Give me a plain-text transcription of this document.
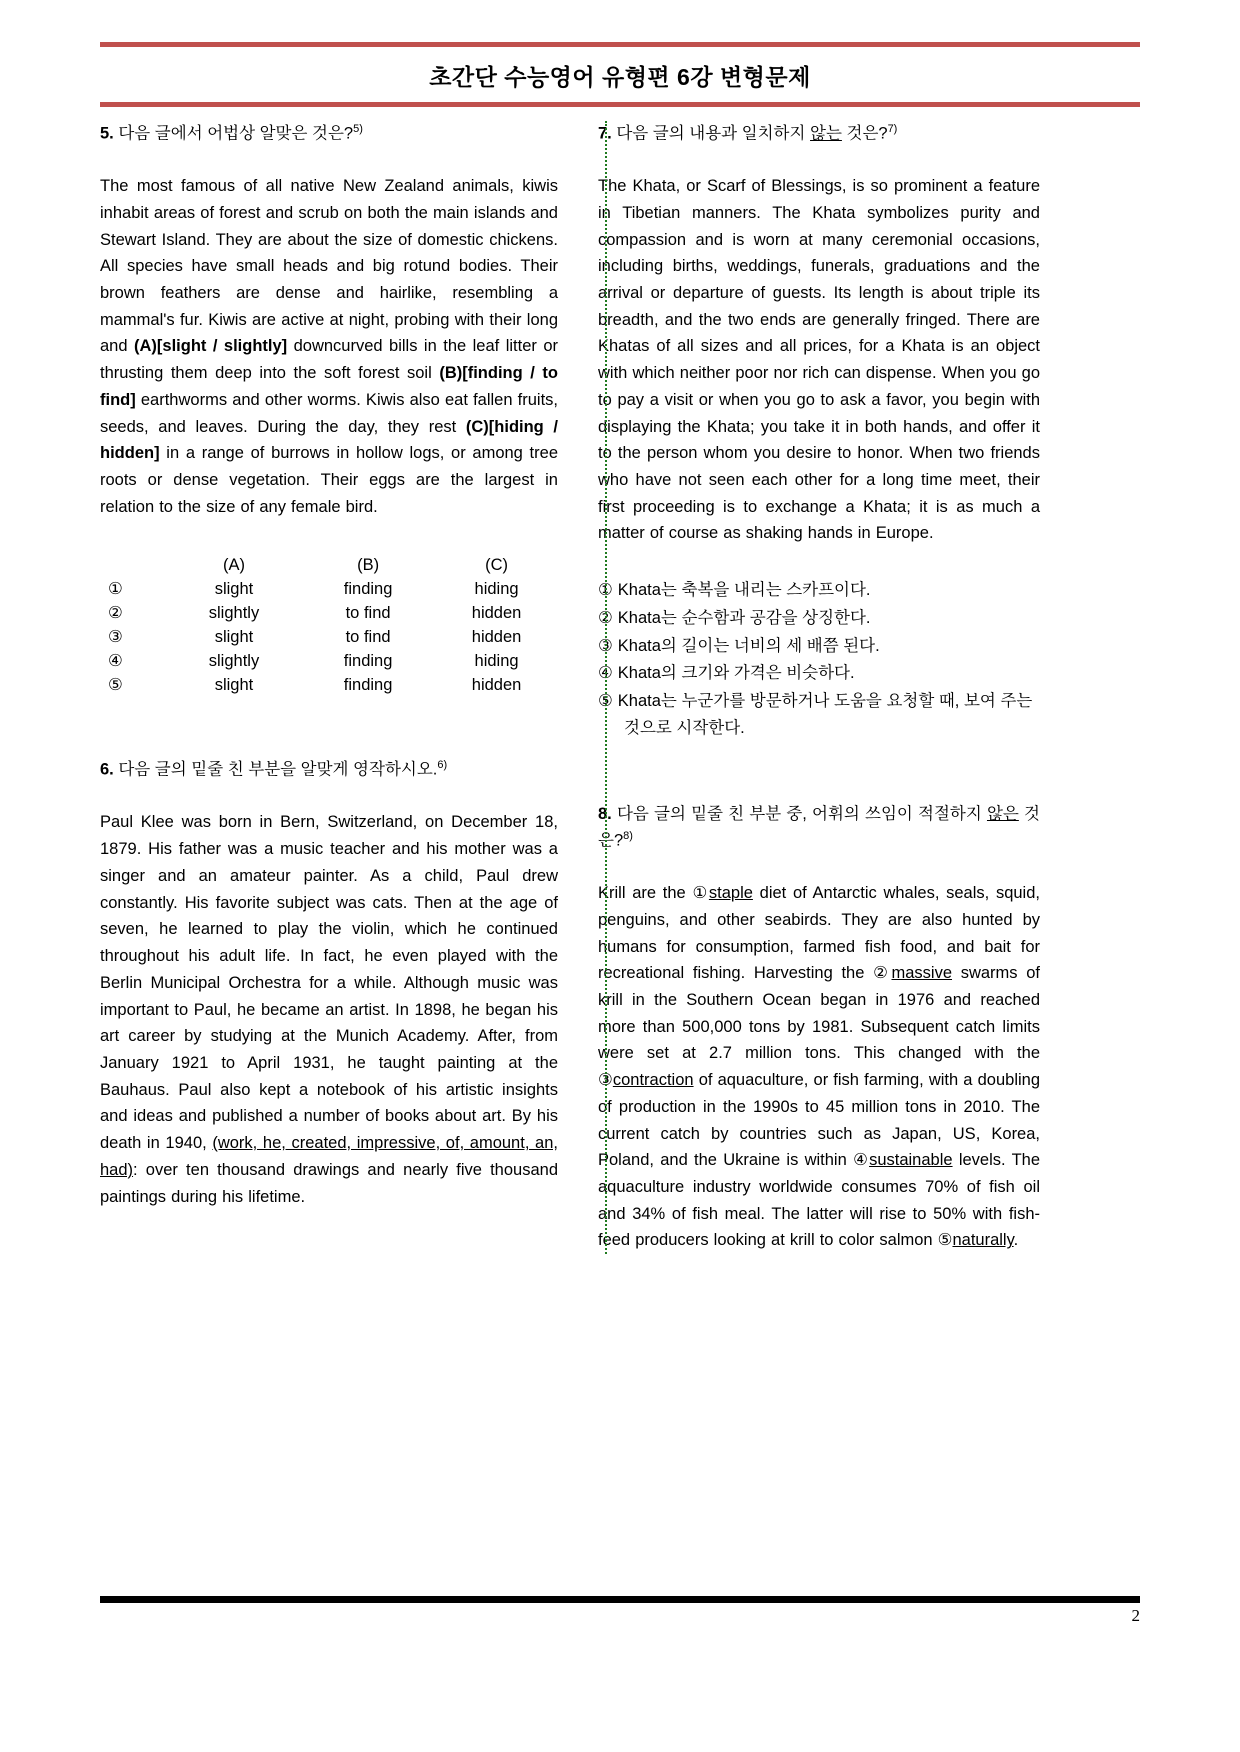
초간단 수능영어 유형편 6강 변형문제

5. 다음 글에서 어법상 알맞은 것은?$^{5)}$

The most famous of all native New Zealand animals, kiwis inhabit areas of forest and scrub on both the main islands and Stewart Island. They are about the size of domestic chickens. All species have small heads and big rotund bodies. Their brown feathers are dense and hairlike, resembling a mammal's fur. Kiwis are active at night, probing with their long and (A)[slight / slightly] downcurved bills in the leaf litter or thrusting them deep into the soft forest soil (B)[finding / to find] earthworms and other worms. Kiwis also eat fallen fruits, seeds, and leaves. During the day, they rest (C)[hiding / hidden] in a range of burrows in hollow logs, or among tree roots or dense vegetation. Their eggs are the largest in relation to the size of any female bird.

	(A)	(B)	(C)
①	slight	finding	hiding
②	slightly	to find	hidden
③	slight	to find	hidden
④	slightly	finding	hiding
⑤	slight	finding	hidden

6. 다음 글의 밑줄 친 부분을 알맞게 영작하시오.$^{6)}$

Paul Klee was born in Bern, Switzerland, on December 18, 1879. His father was a music teacher and his mother was a singer and an amateur painter. As a child, Paul drew constantly. His favorite subject was cats. Then at the age of seven, he learned to play the violin, which he continued throughout his adult life. In fact, he even played with the Berlin Municipal Orchestra for a while. Although music was important to Paul, he became an artist. In 1898, he began his art career by studying at the Munich Academy. After, from January 1921 to April 1931, he taught painting at the Bauhaus. Paul also kept a notebook of his artistic insights and ideas and published a number of books about art. By his death in 1940, (work, he, created, impressive, of, amount, an, had): over ten thousand drawings and nearly five thousand paintings during his lifetime.

7. 다음 글의 내용과 일치하지 않는 것은?$^{7)}$

The Khata, or Scarf of Blessings, is so prominent a feature in Tibetian manners. The Khata symbolizes purity and compassion and is worn at many ceremonial occasions, including births, weddings, funerals, graduations and the arrival or departure of guests. Its length is about triple its breadth, and the two ends are generally fringed. There are Khatas of all sizes and all prices, for a Khata is an object with which neither poor nor rich can dispense. When you go to pay a visit or when you go to ask a favor, you begin with displaying the Khata; you take it in both hands, and offer it to the person whom you desire to honor. When two friends who have not seen each other for a long time meet, their first proceeding is to exchange a Khata; it is as much a matter of course as shaking hands in Europe.

① Khata는 축복을 내리는 스카프이다.
② Khata는 순수함과 공감을 상징한다.
③ Khata의 길이는 너비의 세 배쯤 된다.
④ Khata의 크기와 가격은 비슷하다.
⑤ Khata는 누군가를 방문하거나 도움을 요청할 때, 보여 주는 것으로 시작한다.

8. 다음 글의 밑줄 친 부분 중, 어휘의 쓰임이 적절하지 않은 것은?$^{8)}$

Krill are the ①staple diet of Antarctic whales, seals, squid, penguins, and other seabirds. They are also hunted by humans for consumption, farmed fish food, and bait for recreational fishing. Harvesting the ②massive swarms of krill in the Southern Ocean began in 1976 and reached more than 500,000 tons by 1981. Subsequent catch limits were set at 2.7 million tons. This changed with the ③contraction of aquaculture, or fish farming, with a doubling of production in the 1990s to 45 million tons in 2010. The current catch by countries such as Japan, US, Korea, Poland, and the Ukraine is within ④sustainable levels. The aquaculture industry worldwide consumes 70% of fish oil and 34% of fish meal. The latter will rise to 50% with fish-feed producers looking at krill to color salmon ⑤naturally.

2
